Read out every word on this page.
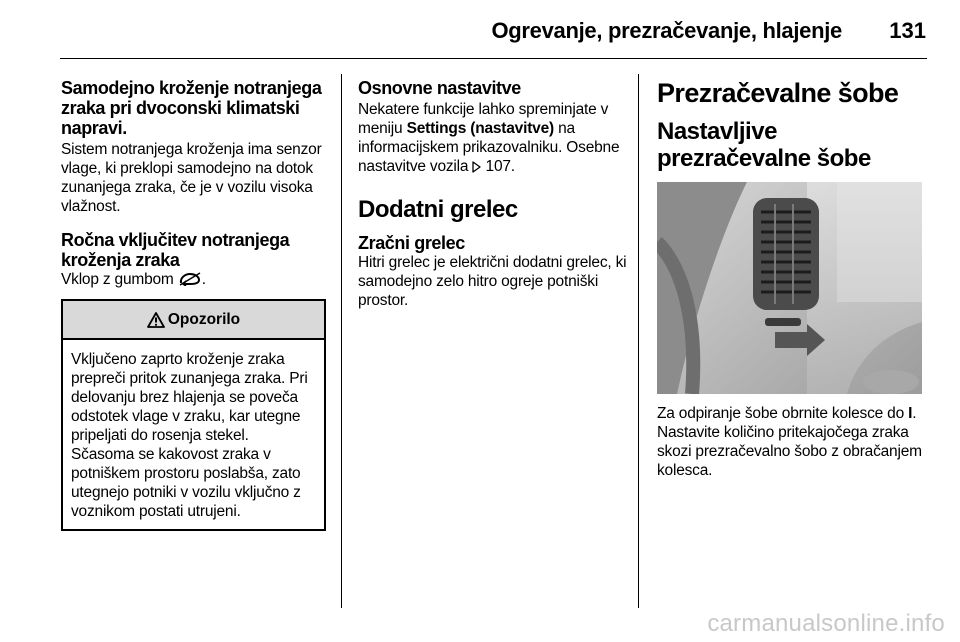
Ogrevanje, prezračevanje, hlajenje 131
Samodejno kroženje notranjega zraka pri dvoconski klimatski napravi.
Sistem notranjega kroženja ima senzor vlage, ki preklopi samodejno na dotok zunanjega zraka, če je v vozilu visoka vlažnost.
Ročna vključitev notranjega kroženja zraka
Vklop z gumbom .
Opozorilo
Vključeno zaprto kroženje zraka prepreči pritok zunanjega zraka. Pri delovanju brez hlajenja se poveča odstotek vlage v zraku, kar utegne pripeljati do rosenja stekel. Sčasoma se kakovost zraka v potniškem prostoru poslabša, zato utegnejo potniki v vozilu vključno z voznikom postati utrujeni.
Osnovne nastavitve
Nekatere funkcije lahko spreminjate v meniju Settings (nastavitve) na informacijskem prikazovalniku. Osebne nastavitve vozila 107.
Dodatni grelec
Zračni grelec
Hitri grelec je električni dodatni grelec, ki samodejno zelo hitro ogreje potniški prostor.
Prezračevalne šobe
Nastavljive prezračevalne šobe
Za odpiranje šobe obrnite kolesce do I. Nastavite količino pritekajočega zraka skozi prezračevalno šobo z obračanjem kolesca.
carmanualsonline.info
